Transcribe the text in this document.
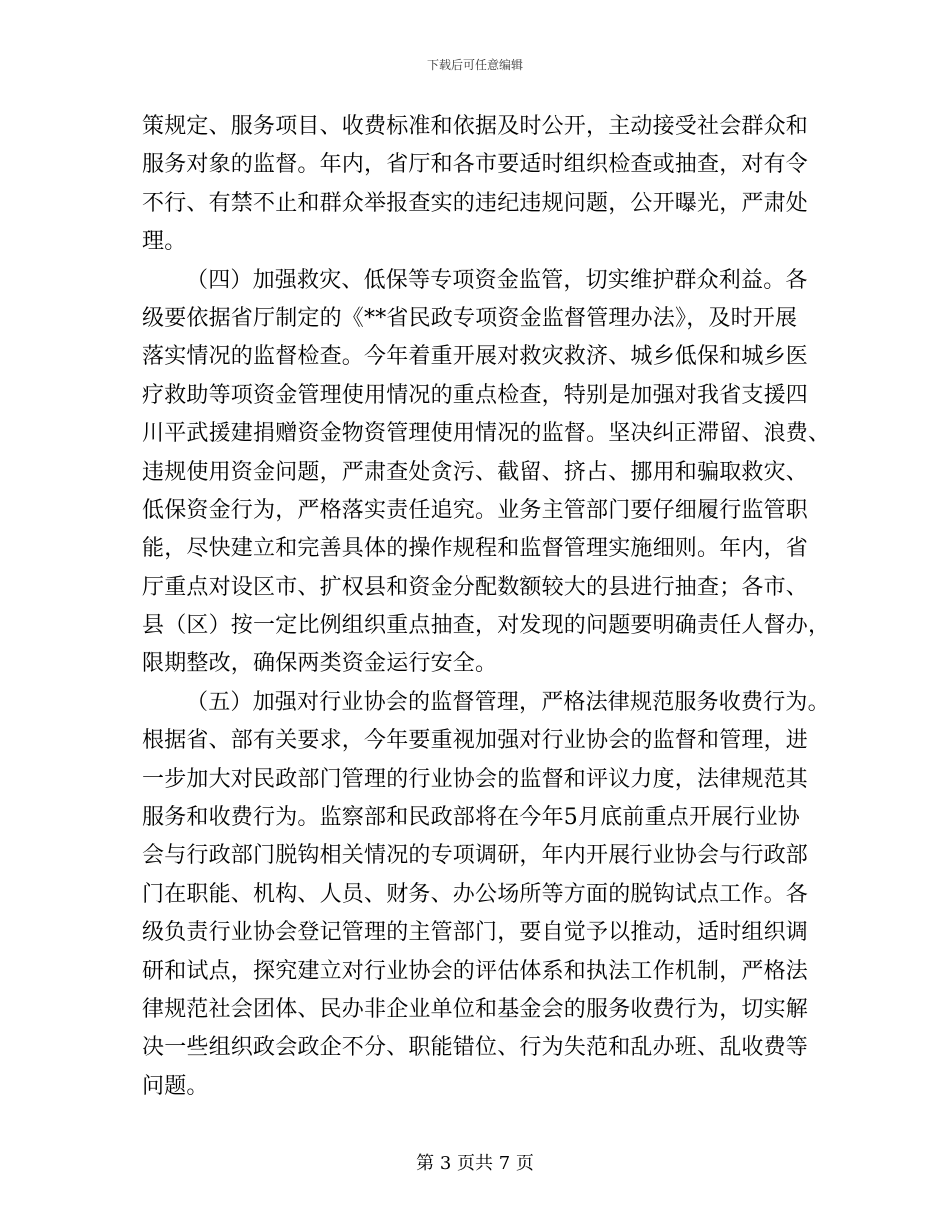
下载后可任意编辑
策规定、服务项目、收费标准和依据及时公开，主动接受社会群众和
服务对象的监督。年内，省厅和各市要适时组织检查或抽查，对有令
不行、有禁不止和群众举报查实的违纪违规问题，公开曝光，严肃处
理。
（四）加强救灾、低保等专项资金监管，切实维护群众利益。各
级要依据省厅制定的《**省民政专项资金监督管理办法》，及时开展
落实情况的监督检查。今年着重开展对救灾救济、城乡低保和城乡医
疗救助等项资金管理使用情况的重点检查，特别是加强对我省支援四
川平武援建捐赠资金物资管理使用情况的监督。坚决纠正滞留、浪费、
违规使用资金问题，严肃查处贪污、截留、挤占、挪用和骗取救灾、
低保资金行为，严格落实责任追究。业务主管部门要仔细履行监管职
能，尽快建立和完善具体的操作规程和监督管理实施细则。年内，省
厅重点对设区市、扩权县和资金分配数额较大的县进行抽查；各市、
县（区）按一定比例组织重点抽查，对发现的问题要明确责任人督办，
限期整改，确保两类资金运行安全。
（五）加强对行业协会的监督管理，严格法律规范服务收费行为。
根据省、部有关要求，今年要重视加强对行业协会的监督和管理，进
一步加大对民政部门管理的行业协会的监督和评议力度，法律规范其
服务和收费行为。监察部和民政部将在今年5月底前重点开展行业协
会与行政部门脱钩相关情况的专项调研，年内开展行业协会与行政部
门在职能、机构、人员、财务、办公场所等方面的脱钩试点工作。各
级负责行业协会登记管理的主管部门，要自觉予以推动，适时组织调
研和试点，探究建立对行业协会的评估体系和执法工作机制，严格法
律规范社会团体、民办非企业单位和基金会的服务收费行为，切实解
决一些组织政会政企不分、职能错位、行为失范和乱办班、乱收费等
问题。
第 3 页共 7 页
